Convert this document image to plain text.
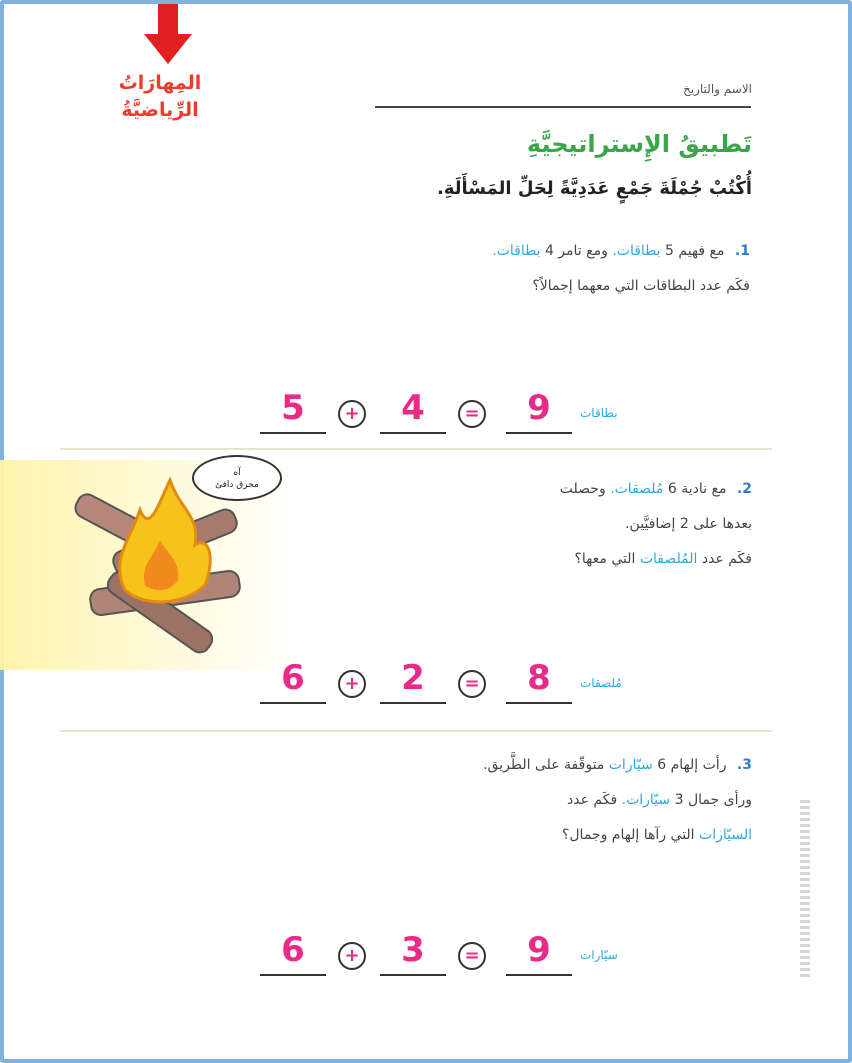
المِهارَاتُ
الرِّياضيَّةُ
الاسم والتاريخ
تَطبيقُ الإِستراتيجيَّةِ
أُكْتُبْ جُمْلَةَ جَمْعٍ عَدَدِيَّةً لِحَلِّ المَسْأَلَةِ.
1. مع فهيم 5 بطاقات. ومع تامر 4 بطاقات.
فكَم عدد البطاقات التي معهما إجمالاً؟
5	+	4	=	9	بطاقات
آه
محرق دافئ	2. مع نادية 6 مُلصقات. وحصلت
بعدها على 2 إضافيَّين.
فكَم عدد المُلصقات التي معها؟
6	+	2	=	8	مُلصقات
3. رأت إلهام 6 سيّارات متوقّفة على الطَّريق.
ورأى جمال 3 سيّارات. فكَم عدد
السيّارات التي رآها إلهام وجمال؟
6	+	3	=	9	سيّارات
